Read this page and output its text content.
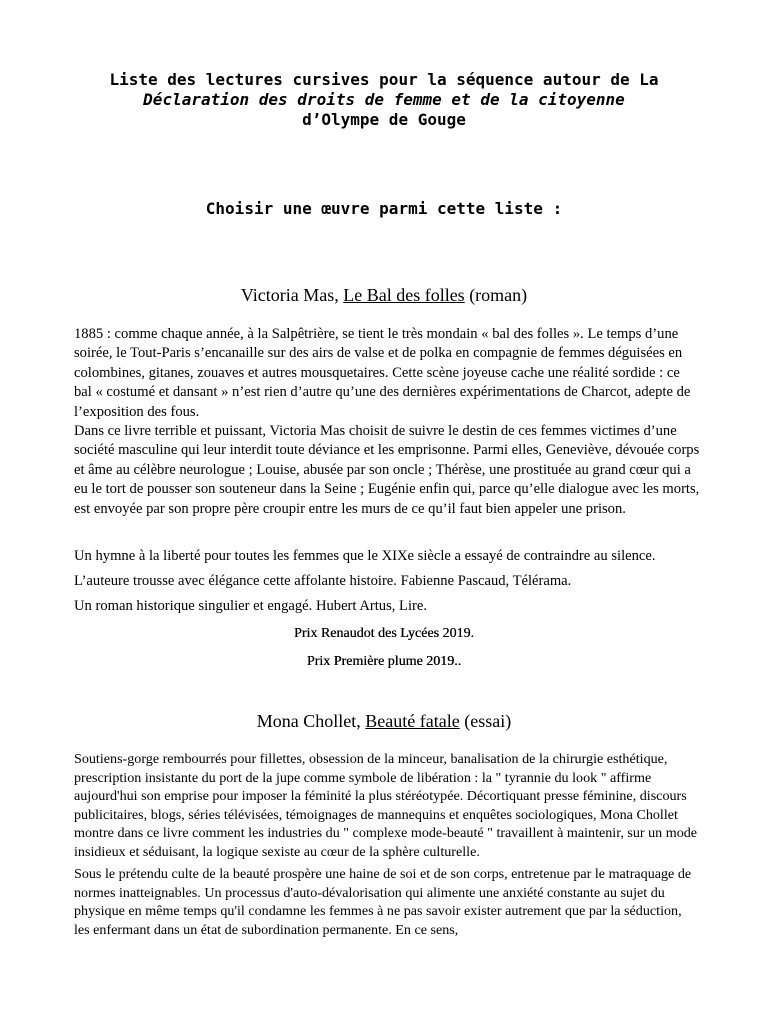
Liste des lectures cursives pour la séquence autour de La
Déclaration des droits de femme et de la citoyenne
d’Olympe de Gouge

Choisir une œuvre parmi cette liste :

Victoria Mas, Le Bal des folles (roman)

1885 : comme chaque année, à la Salpêtrière, se tient le très mondain « bal des folles ». Le temps d’une soirée, le Tout-Paris s’encanaille sur des airs de valse et de polka en compagnie de femmes déguisées en colombines, gitanes, zouaves et autres mousquetaires. Cette scène joyeuse cache une réalité sordide : ce bal « costumé et dansant » n’est rien d’autre qu’une des dernières expérimentations de Charcot, adepte de l’exposition des fous.

Dans ce livre terrible et puissant, Victoria Mas choisit de suivre le destin de ces femmes victimes d’une société masculine qui leur interdit toute déviance et les emprisonne. Parmi elles, Geneviève, dévouée corps et âme au célèbre neurologue ; Louise, abusée par son oncle ; Thérèse, une prostituée au grand cœur qui a eu le tort de pousser son souteneur dans la Seine ; Eugénie enfin qui, parce qu’elle dialogue avec les morts, est envoyée par son propre père croupir entre les murs de ce qu’il faut bien appeler une prison.

Un hymne à la liberté pour toutes les femmes que le XIXe siècle a essayé de contraindre au silence.

L’auteure trousse avec élégance cette affolante histoire. Fabienne Pascaud, Télérama.

Un roman historique singulier et engagé. Hubert Artus, Lire.

Prix Renaudot des Lycées 2019.

Prix Première plume 2019..

Mona Chollet, Beauté fatale (essai)

Soutiens-gorge rembourrés pour fillettes, obsession de la minceur, banalisation de la chirurgie esthétique, prescription insistante du port de la jupe comme symbole de libération : la " tyrannie du look " affirme aujourd'hui son emprise pour imposer la féminité la plus stéréotypée. Décortiquant presse féminine, discours publicitaires, blogs, séries télévisées, témoignages de mannequins et enquêtes sociologiques, Mona Chollet montre dans ce livre comment les industries du " complexe mode-beauté " travaillent à maintenir, sur un mode insidieux et séduisant, la logique sexiste au cœur de la sphère culturelle.

Sous le prétendu culte de la beauté prospère une haine de soi et de son corps, entretenue par le matraquage de normes inatteignables. Un processus d'auto-dévalorisation qui alimente une anxiété constante au sujet du physique en même temps qu'il condamne les femmes à ne pas savoir exister autrement que par la séduction, les enfermant dans un état de subordination permanente. En ce sens,
